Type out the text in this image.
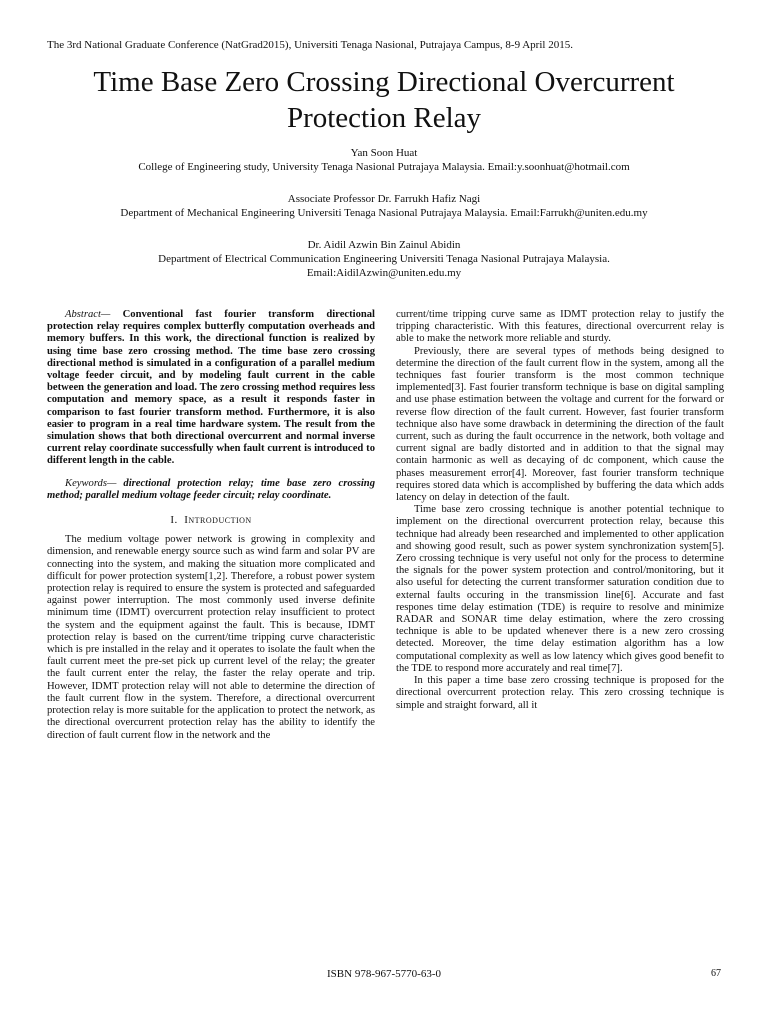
The 3rd National Graduate Conference (NatGrad2015), Universiti Tenaga Nasional, Putrajaya Campus, 8-9 April 2015.
Time Base Zero Crossing Directional Overcurrent
Protection Relay
Yan Soon Huat
College of Engineering study, University Tenaga Nasional Putrajaya Malaysia. Email:y.soonhuat@hotmail.com
Associate Professor Dr. Farrukh Hafiz Nagi
Department of Mechanical Engineering Universiti Tenaga Nasional Putrajaya Malaysia. Email:Farrukh@uniten.edu.my
Dr. Aidil Azwin Bin Zainul Abidin
Department of Electrical Communication Engineering Universiti Tenaga Nasional Putrajaya Malaysia.
Email:AidilAzwin@uniten.edu.my

Abstract— Conventional fast fourier transform directional protection relay requires complex butterfly computation overheads and memory buffers. In this work, the directional function is realized by using time base zero crossing method. The time base zero crossing directional method is simulated in a configuration of a parallel medium voltage feeder circuit, and by modeling fault current in the cable between the generation and load. The zero crossing method requires less computation and memory space, as a result it responds faster in comparison to fast fourier transform method. Furthermore, it is also easier to program in a real time hardware system. The result from the simulation shows that both directional overcurrent and normal inverse current relay coordinate successfully when fault current is introduced to different length in the cable.

Keywords— directional protection relay; time base zero crossing method; parallel medium voltage feeder circuit; relay coordinate.

I. Introduction

The medium voltage power network is growing in complexity and dimension, and renewable energy source such as wind farm and solar PV are connecting into the system, and making the situation more complicated and difficult for power protection system[1,2]. Therefore, a robust power system protection relay is required to ensure the system is protected and safeguarded against power interruption. The most commonly used inverse definite minimum time (IDMT) overcurrent protection relay insufficient to protect the system and the equipment against the fault. This is because, IDMT protection relay is based on the current/time tripping curve characteristic which is pre installed in the relay and it operates to isolate the fault when the fault current meet the pre-set pick up current level of the relay; the greater the fault current enter the relay, the faster the relay operate and trip. However, IDMT protection relay will not able to determine the direction of the fault current flow in the system. Therefore, a directional overcurrent protection relay is more suitable for the application to protect the network, as the directional overcurrent protection relay has the ability to identify the direction of fault current flow in the network and the

current/time tripping curve same as IDMT protection relay to justify the tripping characteristic. With this features, directional overcurrent relay is able to make the network more reliable and sturdy.

Previously, there are several types of methods being designed to determine the direction of the fault current flow in the system, among all the techniques fast fourier transform is the most common technique implemented[3]. Fast fourier transform technique is base on digital sampling and use phase estimation between the voltage and current for the forward or reverse flow direction of the fault current. However, fast fourier transform technique also have some drawback in determining the direction of the fault current, such as during the fault occurrence in the network, both voltage and current signal are badly distorted and in addition to that the signal may contain harmonic as well as decaying of dc component, which cause the phases measurement error[4]. Moreover, fast fourier transform technique requires stored data which is accomplished by buffering the data which adds latency on delay in detection of the fault.

Time base zero crossing technique is another potential technique to implement on the directional overcurrent protection relay, because this technique had already been researched and implemented to other application and showing good result, such as power system synchronization system[5]. Zero crossing technique is very useful not only for the process to determine the signals for the power system protection and control/monitoring, but it also useful for detecting the current transformer saturation condition due to external faults occuring in the transmission line[6]. Accurate and fast respones time delay estimation (TDE) is require to resolve and minimize RADAR and SONAR time delay estimation, where the zero crossing technique is able to be updated whenever there is a new zero crossing detected. Moreover, the time delay estimation algorithm has a low computational complexity as well as low latency which gives good benefit to the TDE to respond more accurately and real time[7].

In this paper a time base zero crossing technique is proposed for the directional overcurrent protection relay. This zero crossing technique is simple and straight forward, all it

ISBN 978-967-5770-63-0	67
